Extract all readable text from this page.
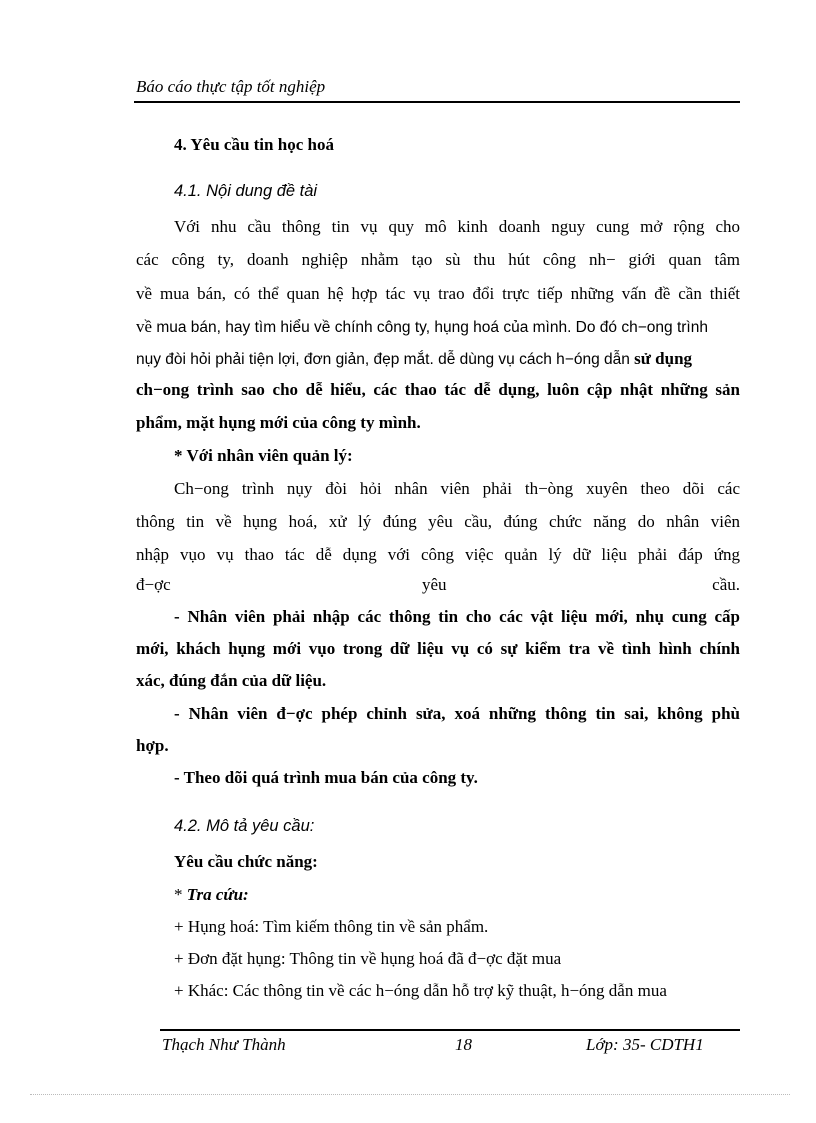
Báo cáo thực tập tốt nghiệp
4. Yêu cầu tin học hoá
4.1. Nội dung đề tài
Với nhu cầu thông tin vụ quy mô kinh doanh nguy cung mở rộng cho
các công ty, doanh nghiệp nhằm tạo sù thu hút công nh− giới quan tâm
về mua bán, có thể quan hệ hợp tác vụ trao đổi trực tiếp những vấn đề cần thiết
về mua bán, hay tìm hiểu về chính công ty, hụng hoá của mình. Do đó ch−ong trình
nụy đòi hỏi phải tiện lợi, đơn giản, đẹp mắt. dễ dùng vụ cách h−óng dẫn sử dụng
ch−ong trình sao cho dễ hiểu, các thao tác dễ dụng, luôn cập nhật những sản
phẩm, mặt hụng mới của công ty mình.
* Với nhân viên quản lý:
Ch−ong trình nụy đòi hỏi nhân viên phải th−òng xuyên theo dõi các
thông tin về hụng hoá, xử lý đúng yêu cầu, đúng chức năng do nhân viên
nhập vụo vụ thao tác dễ dụng với công việc quản lý dữ liệu phải đáp ứng
đ−ợc	yêu	cầu.
- Nhân viên phải nhập các thông tin cho các vật liệu mới, nhụ cung cấp
mới, khách hụng mới vụo trong dữ liệu vụ có sự kiểm tra về tình hình chính
xác, đúng đắn của dữ liệu.
- Nhân viên đ−ợc phép chỉnh sửa, xoá những thông tin sai, không phù
hợp.
- Theo dõi quá trình mua bán của công ty.
4.2. Mô tả yêu cầu:
Yêu cầu chức năng:
* Tra cứu:
+ Hụng hoá: Tìm kiếm thông tin về sản phẩm.
+ Đơn đặt hụng: Thông tin về hụng hoá đã đ−ợc đặt mua
+ Khác: Các thông tin về các h−óng dẫn hỗ trợ kỹ thuật, h−óng dẫn mua
Thạch Như Thành	18	Lớp: 35- CDTH1
